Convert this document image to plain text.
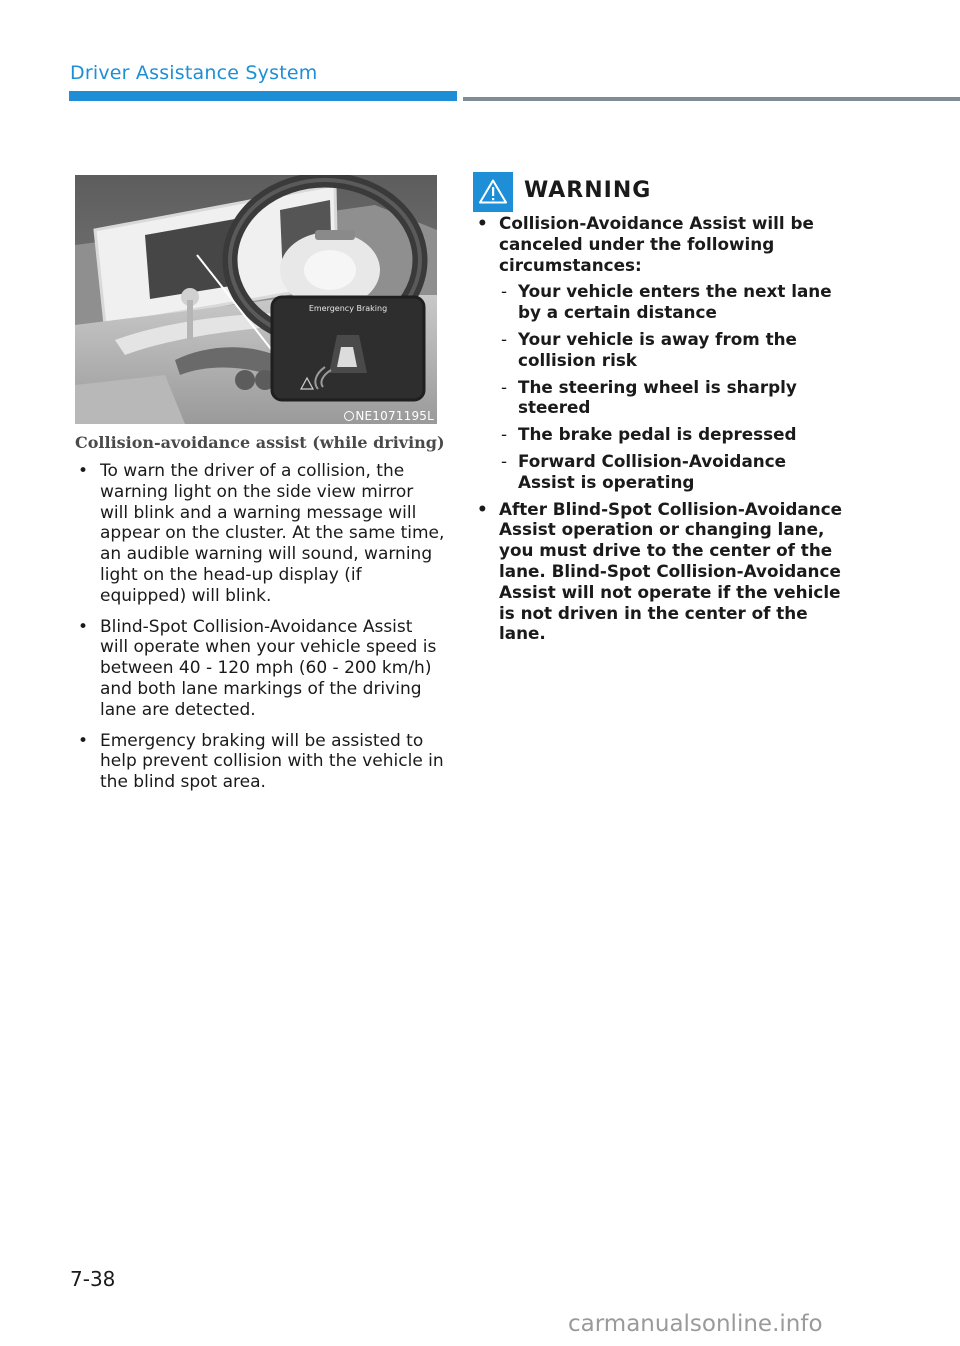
Driver Assistance System
Emergency Braking
NE1071195L
Collision-avoidance assist (while driving)
• To warn the driver of a collision, the warning light on the side view mirror will blink and a warning message will appear on the cluster. At the same time, an audible warning will sound, warning light on the head-up display (if equipped) will blink.
• Blind-Spot Collision-Avoidance Assist will operate when your vehicle speed is between 40 - 120 mph (60 - 200 km/h) and both lane markings of the driving lane are detected.
• Emergency braking will be assisted to help prevent collision with the vehicle in the blind spot area.
WARNING
• Collision-Avoidance Assist will be canceled under the following circumstances:
- Your vehicle enters the next lane by a certain distance
- Your vehicle is away from the collision risk
- The steering wheel is sharply steered
- The brake pedal is depressed
- Forward Collision-Avoidance Assist is operating
• After Blind-Spot Collision-Avoidance Assist operation or changing lane, you must drive to the center of the lane. Blind-Spot Collision-Avoidance Assist will not operate if the vehicle is not driven in the center of the lane.
7-38
carmanualsonline.info
